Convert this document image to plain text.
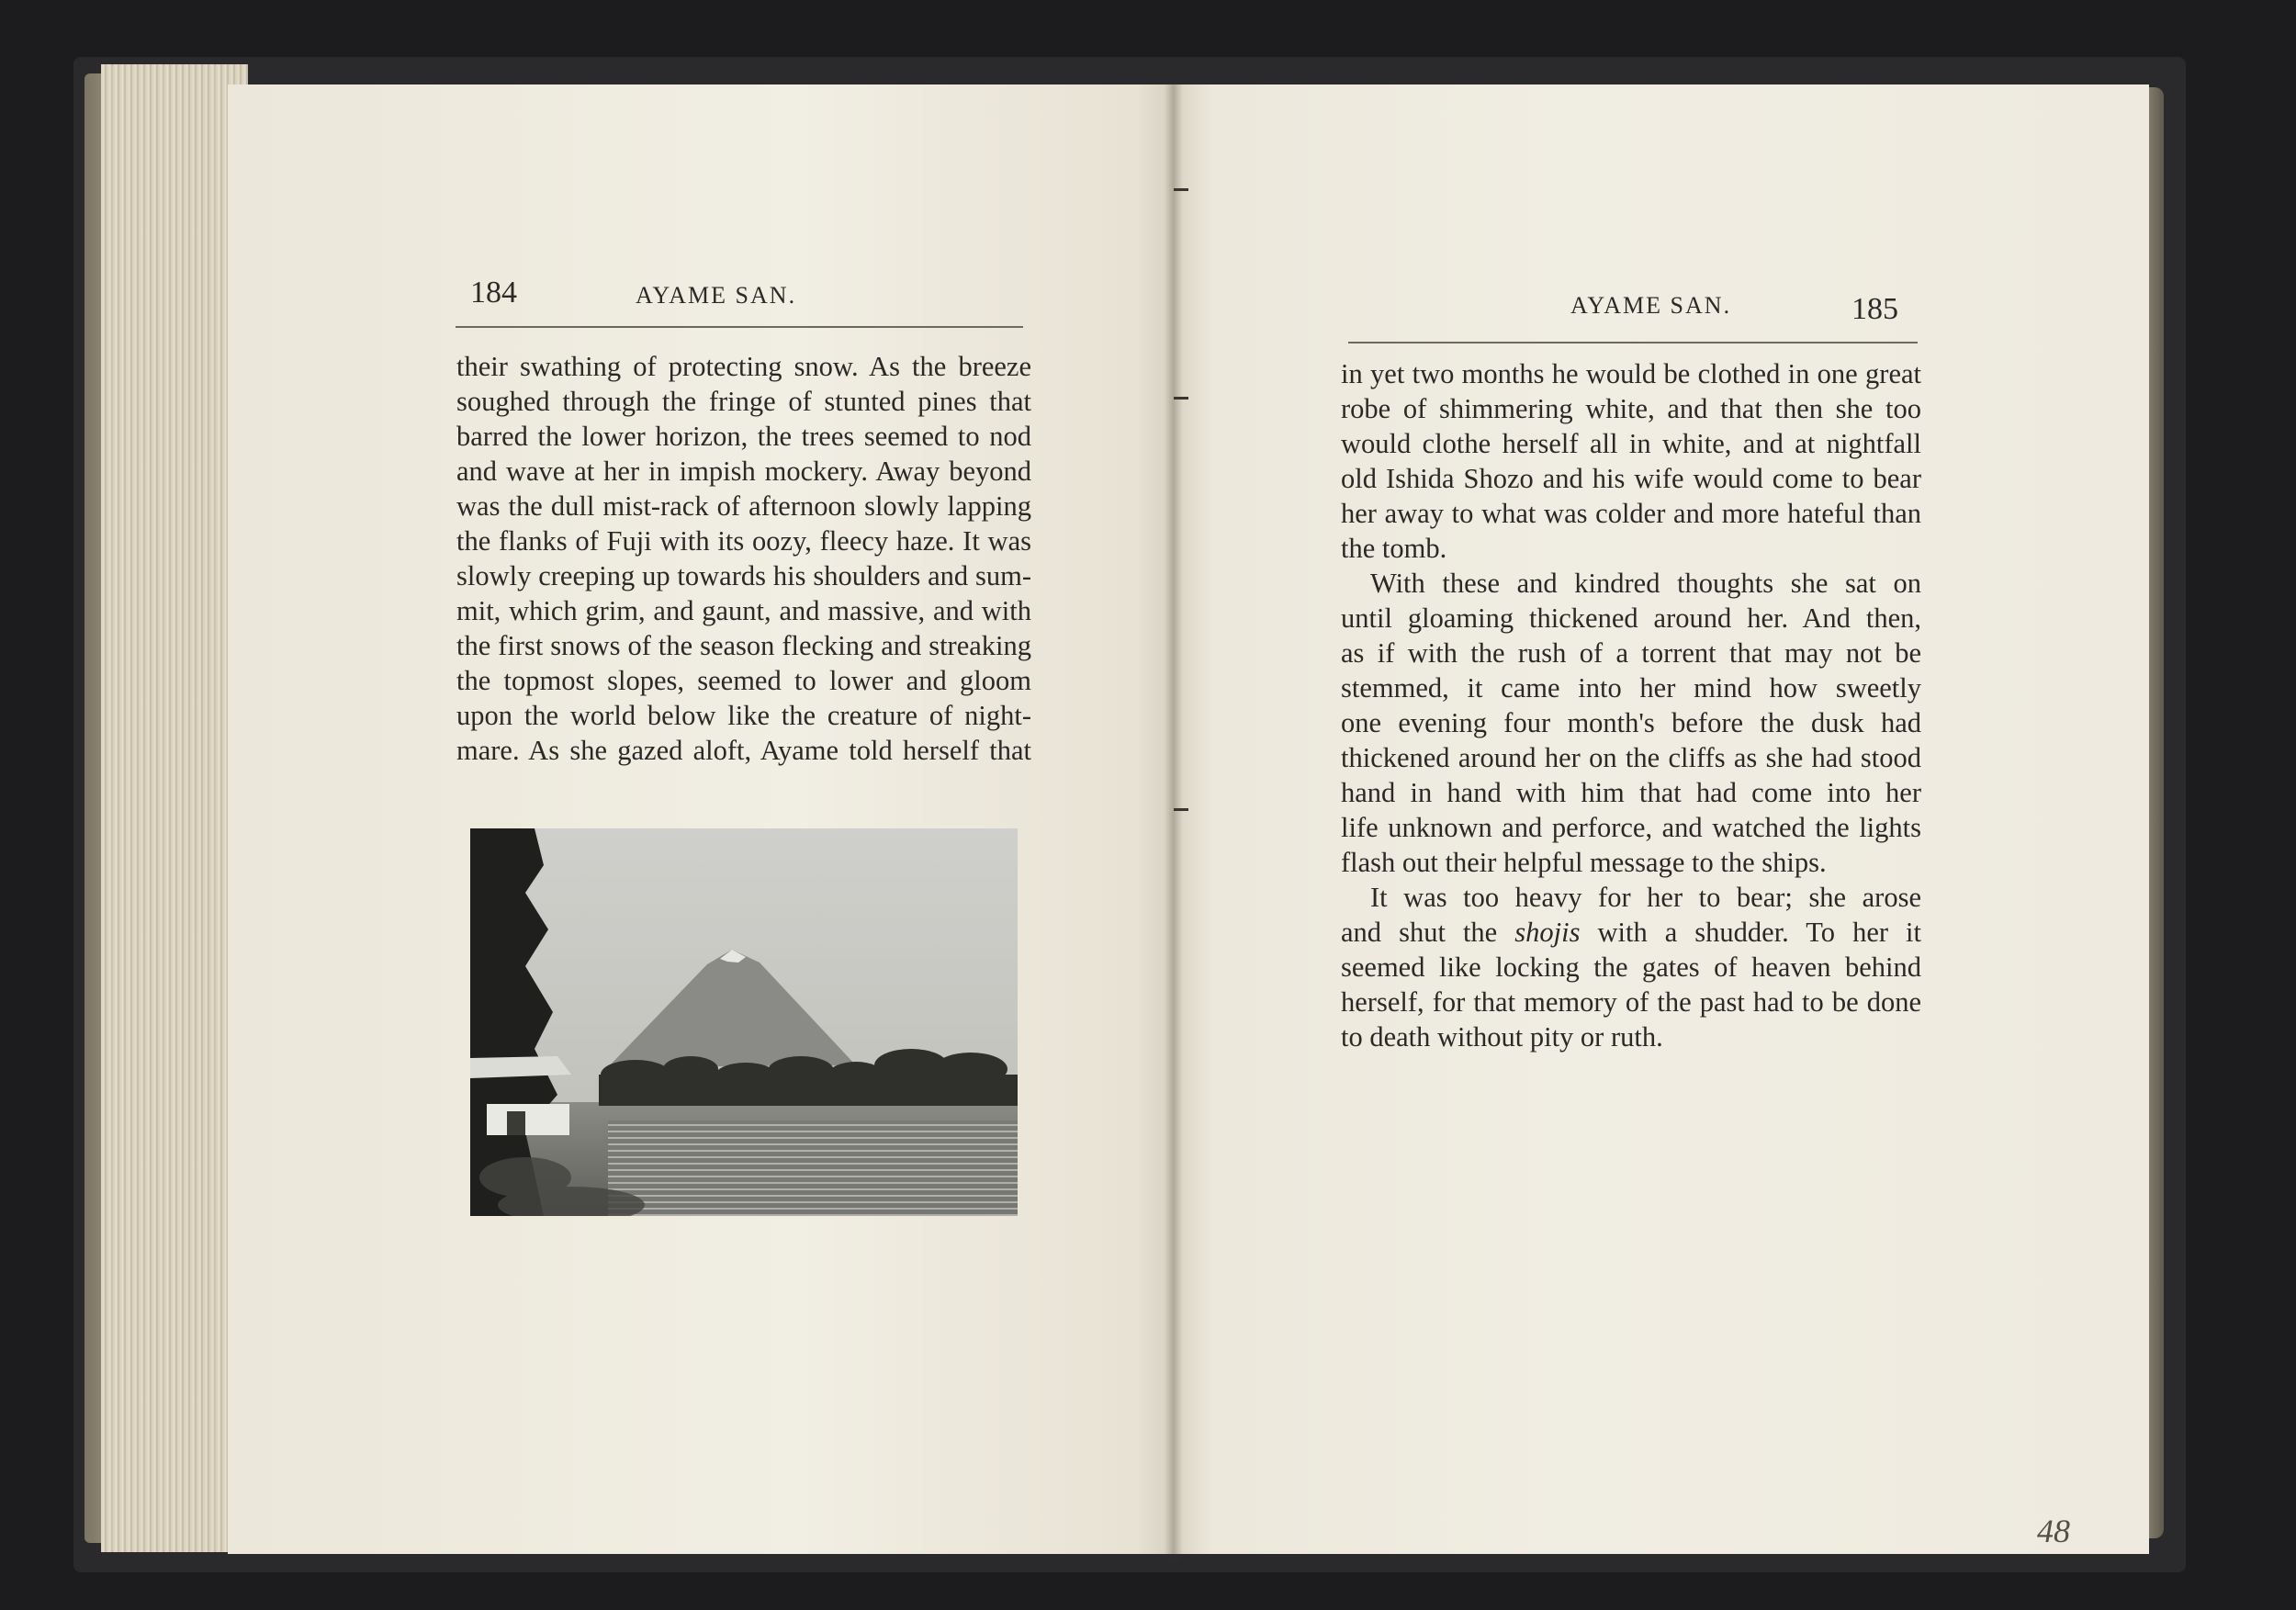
184	AYAME SAN.
their swathing of protecting snow. As the breeze
soughed through the fringe of stunted pines that
barred the lower horizon, the trees seemed to nod
and wave at her in impish mockery. Away beyond
was the dull mist-rack of afternoon slowly lapping
the flanks of Fuji with its oozy, fleecy haze. It was
slowly creeping up towards his shoulders and sum-
mit, which grim, and gaunt, and massive, and with
the first snows of the season flecking and streaking
the topmost slopes, seemed to lower and gloom
upon the world below like the creature of night-
mare. As she gazed aloft, Ayame told herself that
AYAME SAN.	185
in yet two months he would be clothed in one great
robe of shimmering white, and that then she too
would clothe herself all in white, and at nightfall
old Ishida Shozo and his wife would come to bear
her away to what was colder and more hateful than
the tomb.
With these and kindred thoughts she sat on
until gloaming thickened around her. And then,
as if with the rush of a torrent that may not be
stemmed, it came into her mind how sweetly
one evening four month's before the dusk had
thickened around her on the cliffs as she had stood
hand in hand with him that had come into her
life unknown and perforce, and watched the lights
flash out their helpful message to the ships.
It was too heavy for her to bear; she arose
and shut the shojis with a shudder. To her it
seemed like locking the gates of heaven behind
herself, for that memory of the past had to be done
to death without pity or ruth.
48
